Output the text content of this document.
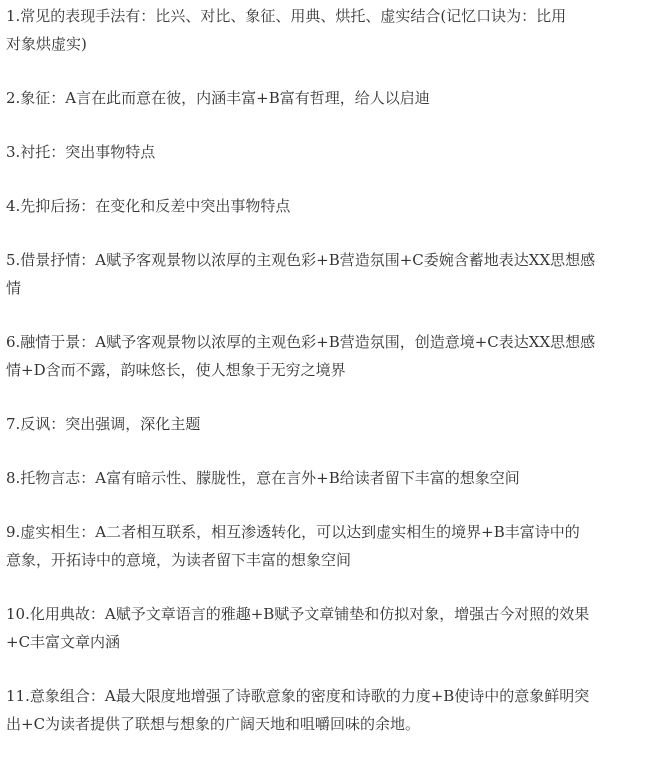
1.常见的表现手法有：比兴、对比、象征、用典、烘托、虚实结合(记忆口诀为：比用
对象烘虚实)
2.象征：A言在此而意在彼，内涵丰富+B富有哲理，给人以启迪
3.衬托：突出事物特点
4.先抑后扬：在变化和反差中突出事物特点
5.借景抒情：A赋予客观景物以浓厚的主观色彩+B营造氛围+C委婉含蓄地表达XX思想感
情
6.融情于景：A赋予客观景物以浓厚的主观色彩+B营造氛围，创造意境+C表达XX思想感
情+D含而不露，韵味悠长，使人想象于无穷之境界
7.反讽：突出强调，深化主题
8.托物言志：A富有暗示性、朦胧性，意在言外+B给读者留下丰富的想象空间
9.虚实相生：A二者相互联系，相互渗透转化，可以达到虚实相生的境界+B丰富诗中的
意象，开拓诗中的意境，为读者留下丰富的想象空间
10.化用典故：A赋予文章语言的雅趣+B赋予文章铺垫和仿拟对象，增强古今对照的效果
+C丰富文章内涵
11.意象组合：A最大限度地增强了诗歌意象的密度和诗歌的力度+B使诗中的意象鲜明突
出+C为读者提供了联想与想象的广阔天地和咀嚼回味的余地。
